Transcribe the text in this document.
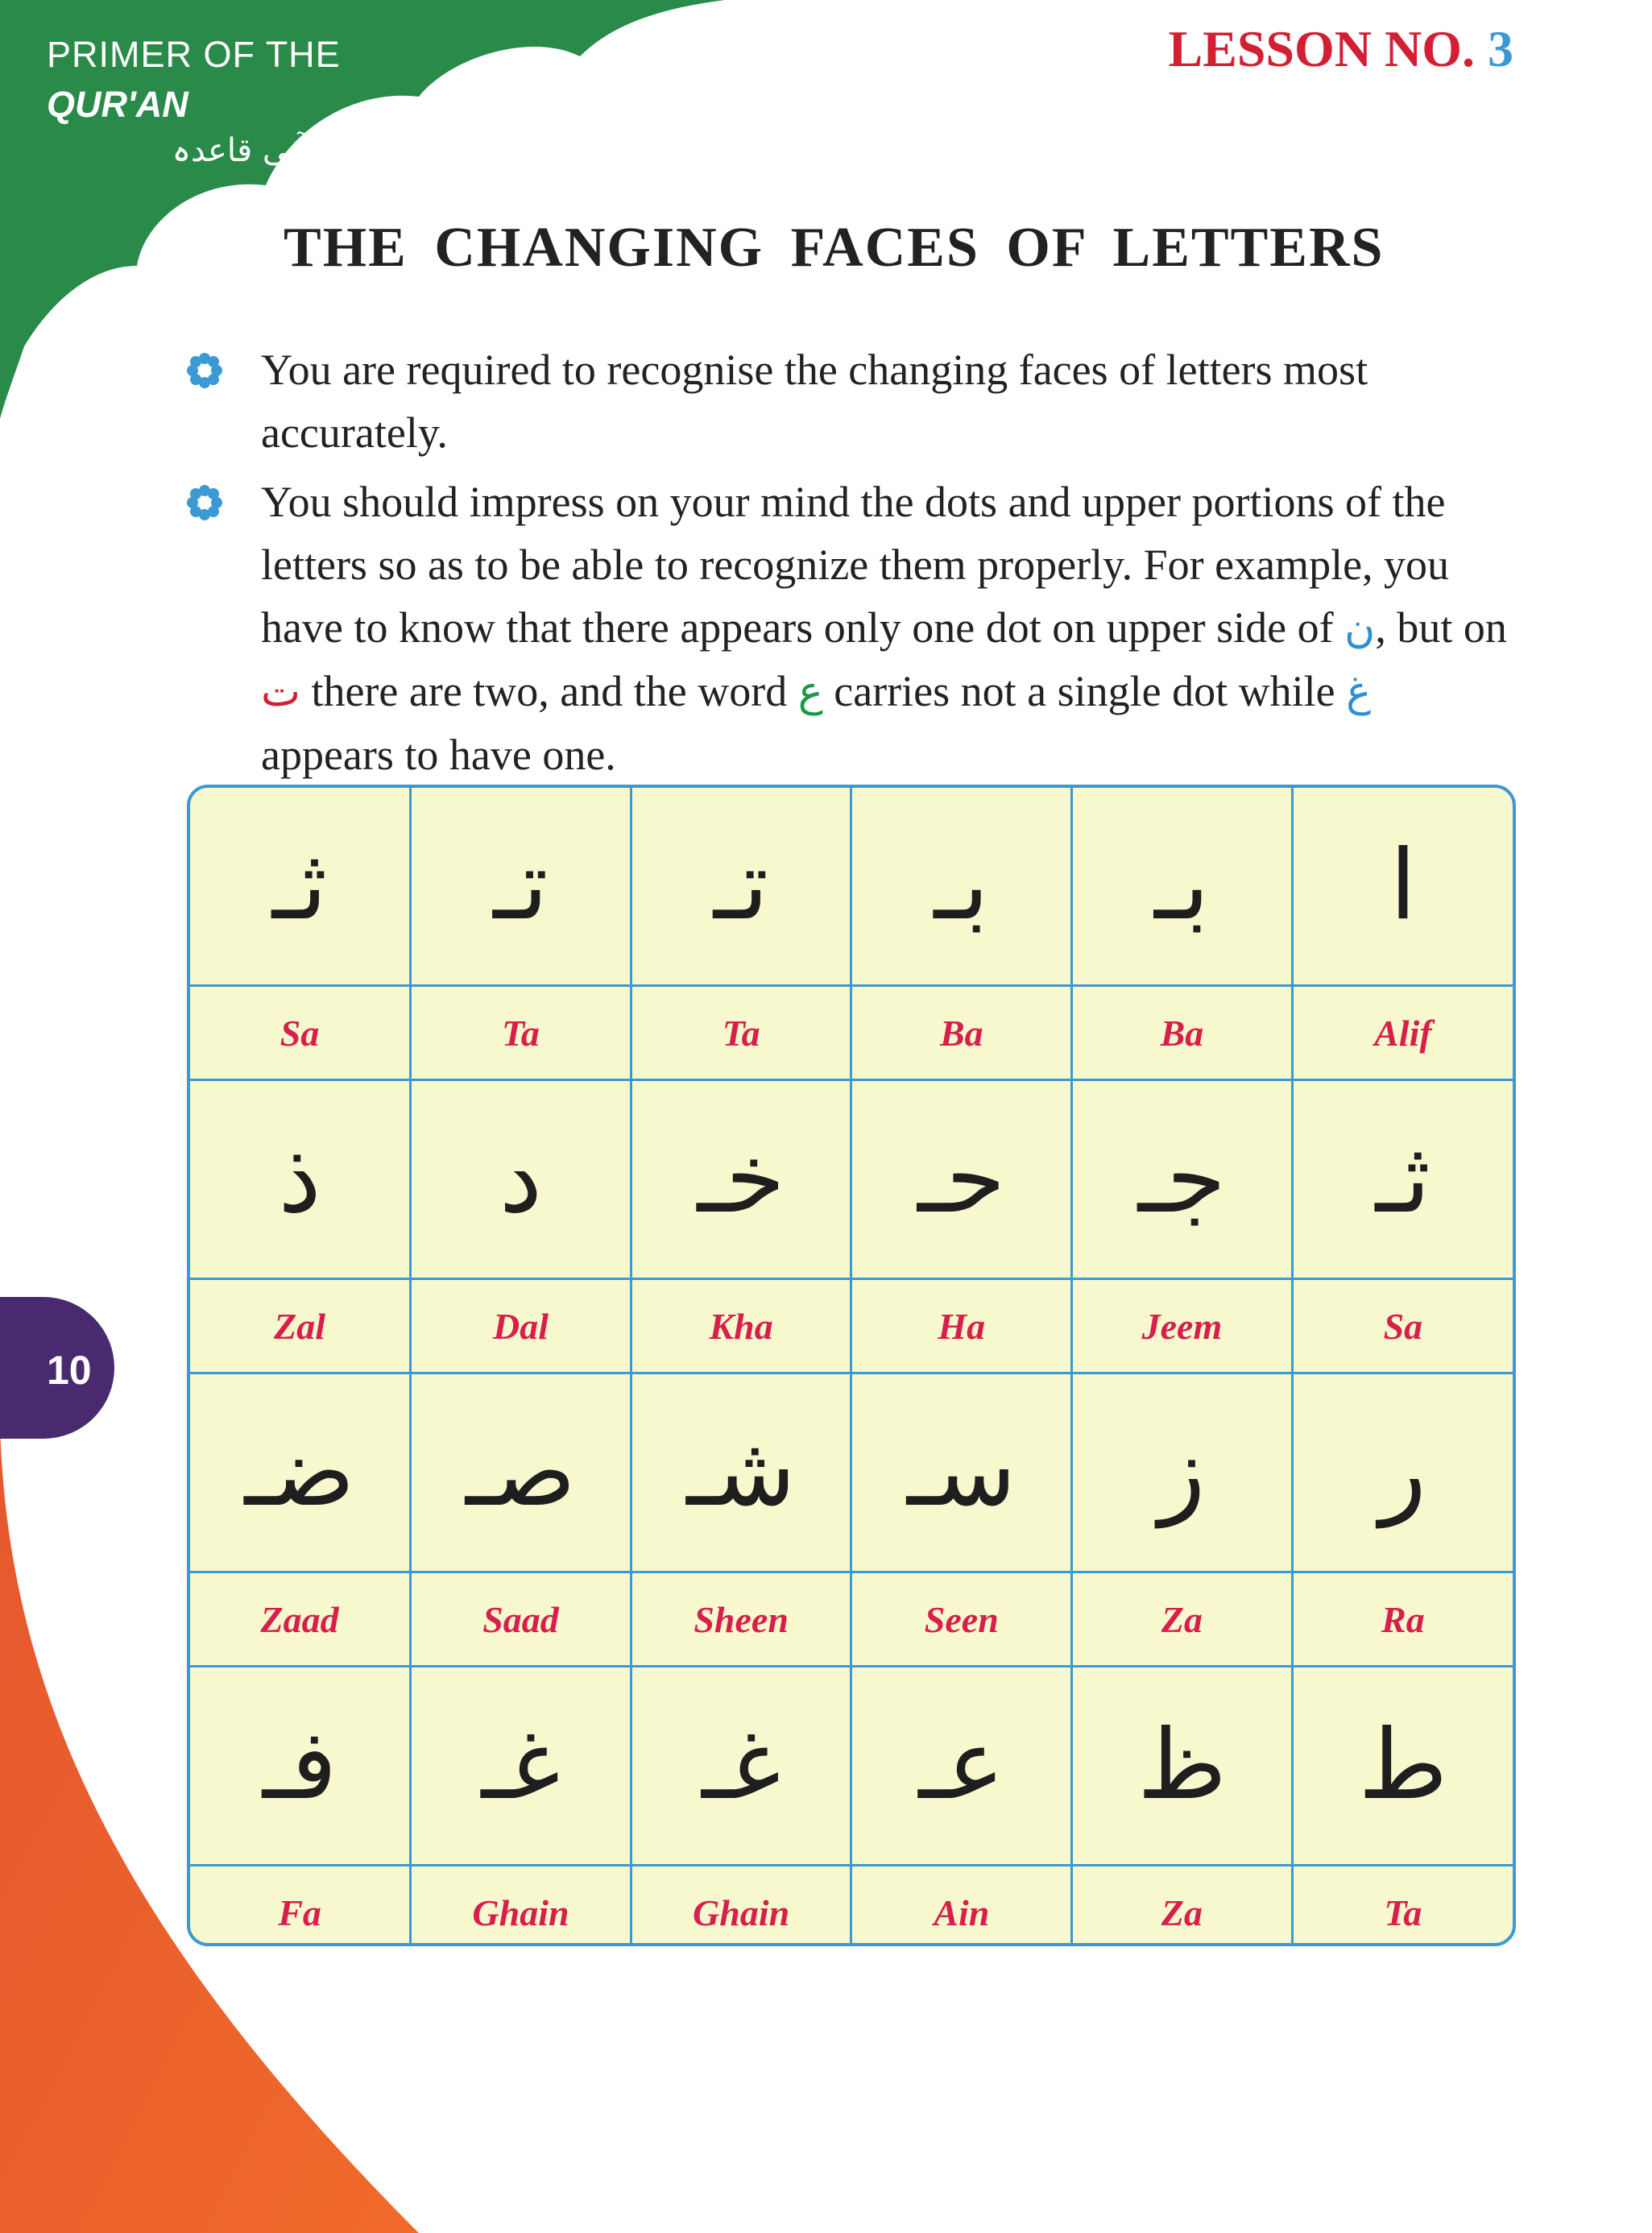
PRIMER OF THE
QUR'AN
قرآنی قاعدہ
LESSON NO. 3
THE CHANGING FACES OF LETTERS
You are required to recognise the changing faces of letters most accurately.
You should impress on your mind the dots and upper portions of the letters so as to be able to recognize them properly. For example, you have to know that there appears only one dot on upper side of ن, but on ت there are two, and the word ع carries not a single dot while غ appears to have one.
ثـ	تـ	تـ	بـ	بـ	ا
Sa	Ta	Ta	Ba	Ba	Alif
ذ	د	خـ	حـ	جـ	ثـ
Zal	Dal	Kha	Ha	Jeem	Sa
ضـ	صـ	شـ	سـ	ز	ر
Zaad	Saad	Sheen	Seen	Za	Ra
فـ	غـ	غـ	عـ	ظ	ط
Fa	Ghain	Ghain	Ain	Za	Ta
10
